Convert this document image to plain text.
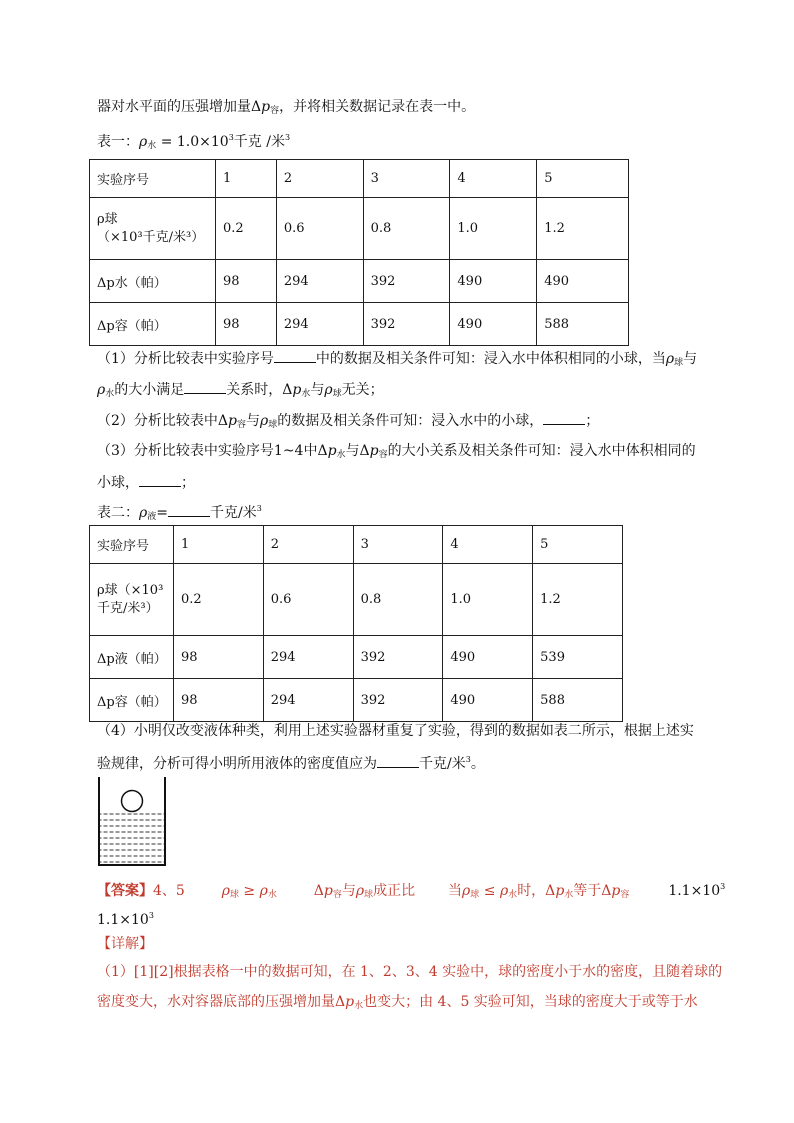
器对水平面的压强增加量$\Delta p_容$，并将相关数据记录在表一中。
表一：$\rho_水 = 1.0\times 10^3$千克 /米$^3$
实验序号	1	2	3	4	5

ρ球
（×10³千克/米³）	0.2	0.6	0.8	1.0	1.2
Δp水（帕）	98	294	392	490	490
Δp容（帕）	98	294	392	490	588
（1）分析比较表中实验序号	中的数据及相关条件可知：浸入水中体积相同的小球，当$\rho_球$与
$\rho_水$的大小满足	关系时，$\Delta p_水$与$\rho_球$无关；
（2）分析比较表中$\Delta p_容$与$\rho_球$的数据及相关条件可知：浸入水中的小球，	；
（3）分析比较表中实验序号1~4中$\Delta p_水$与$\Delta p_容$的大小关系及相关条件可知：浸入水中体积相同的
小球，	；
表二：$\rho_液=$	千克/米$^3$
实验序号	1	2	3	4	5

ρ球（×10³
千克/米³）	0.2	0.6	0.8	1.0	1.2
Δp液（帕）	98	294	392	490	539
Δp容（帕）	98	294	392	490	588
（4）小明仅改变液体种类，利用上述实验器材重复了实验，得到的数据如表二所示，根据上述实
验规律，分析可得小明所用液体的密度值应为	千克/米$^3$。
【答案】4、5	$\rho_球 \ge \rho_水$	$\Delta p_容$与$\rho_球$成正比 当$\rho_球 \le \rho_水$时，$\Delta p_水$等于$\Delta p_容$	$1.1\times 10^3$
$1.1\times 10^3$
【详解】
（1）[1][2]根据表格一中的数据可知，在 1、2、3、4 实验中，球的密度小于水的密度，且随着球的
密度变大，水对容器底部的压强增加量$\Delta p_水$也变大；由 4、5 实验可知，当球的密度大于或等于水
